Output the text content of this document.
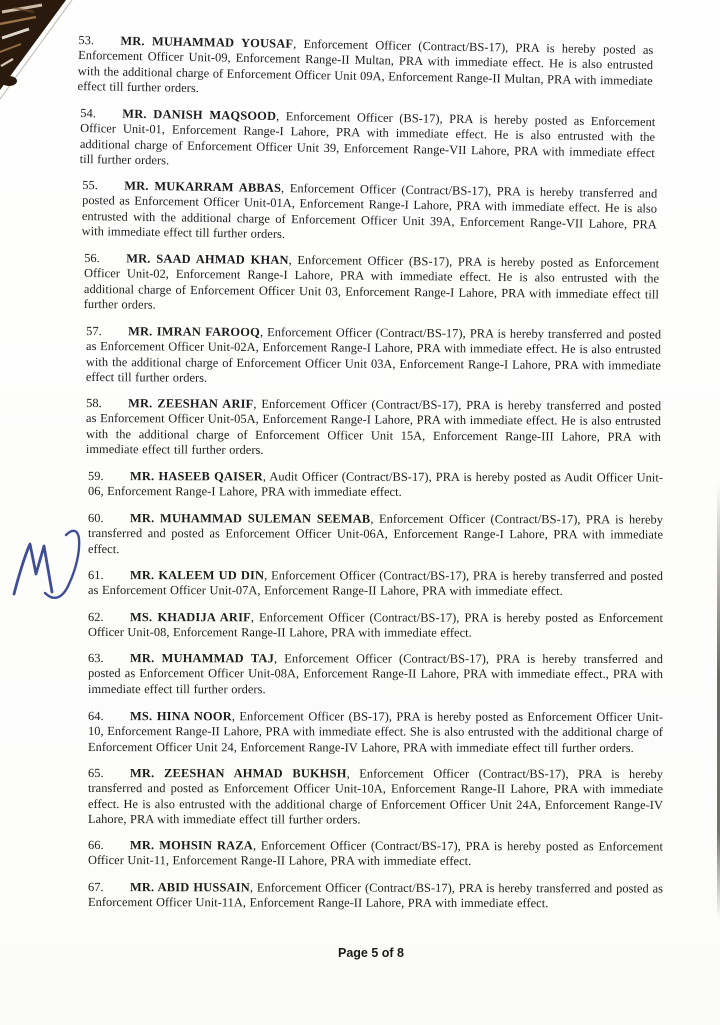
53. MR. MUHAMMAD YOUSAF, Enforcement Officer (Contract/BS-17), PRA is hereby posted as Enforcement Officer Unit-09, Enforcement Range-II Multan, PRA with immediate effect. He is also entrusted with the additional charge of Enforcement Officer Unit 09A, Enforcement Range-II Multan, PRA with immediate effect till further orders.

54. MR. DANISH MAQSOOD, Enforcement Officer (BS-17), PRA is hereby posted as Enforcement Officer Unit-01, Enforcement Range-I Lahore, PRA with immediate effect. He is also entrusted with the additional charge of Enforcement Officer Unit 39, Enforcement Range-VII Lahore, PRA with immediate effect till further orders.

55. MR. MUKARRAM ABBAS, Enforcement Officer (Contract/BS-17), PRA is hereby transferred and posted as Enforcement Officer Unit-01A, Enforcement Range-I Lahore, PRA with immediate effect. He is also entrusted with the additional charge of Enforcement Officer Unit 39A, Enforcement Range-VII Lahore, PRA with immediate effect till further orders.

56. MR. SAAD AHMAD KHAN, Enforcement Officer (BS-17), PRA is hereby posted as Enforcement Officer Unit-02, Enforcement Range-I Lahore, PRA with immediate effect. He is also entrusted with the additional charge of Enforcement Officer Unit 03, Enforcement Range-I Lahore, PRA with immediate effect till further orders.

57. MR. IMRAN FAROOQ, Enforcement Officer (Contract/BS-17), PRA is hereby transferred and posted as Enforcement Officer Unit-02A, Enforcement Range-I Lahore, PRA with immediate effect. He is also entrusted with the additional charge of Enforcement Officer Unit 03A, Enforcement Range-I Lahore, PRA with immediate effect till further orders.

58. MR. ZEESHAN ARIF, Enforcement Officer (Contract/BS-17), PRA is hereby transferred and posted as Enforcement Officer Unit-05A, Enforcement Range-I Lahore, PRA with immediate effect. He is also entrusted with the additional charge of Enforcement Officer Unit 15A, Enforcement Range-III Lahore, PRA with immediate effect till further orders.

59. MR. HASEEB QAISER, Audit Officer (Contract/BS-17), PRA is hereby posted as Audit Officer Unit-06, Enforcement Range-I Lahore, PRA with immediate effect.

60. MR. MUHAMMAD SULEMAN SEEMAB, Enforcement Officer (Contract/BS-17), PRA is hereby transferred and posted as Enforcement Officer Unit-06A, Enforcement Range-I Lahore, PRA with immediate effect.

61. MR. KALEEM UD DIN, Enforcement Officer (Contract/BS-17), PRA is hereby transferred and posted as Enforcement Officer Unit-07A, Enforcement Range-II Lahore, PRA with immediate effect.

62. MS. KHADIJA ARIF, Enforcement Officer (Contract/BS-17), PRA is hereby posted as Enforcement Officer Unit-08, Enforcement Range-II Lahore, PRA with immediate effect.

63. MR. MUHAMMAD TAJ, Enforcement Officer (Contract/BS-17), PRA is hereby transferred and posted as Enforcement Officer Unit-08A, Enforcement Range-II Lahore, PRA with immediate effect., PRA with immediate effect till further orders.

64. MS. HINA NOOR, Enforcement Officer (BS-17), PRA is hereby posted as Enforcement Officer Unit-10, Enforcement Range-II Lahore, PRA with immediate effect. She is also entrusted with the additional charge of Enforcement Officer Unit 24, Enforcement Range-IV Lahore, PRA with immediate effect till further orders.

65. MR. ZEESHAN AHMAD BUKHSH, Enforcement Officer (Contract/BS-17), PRA is hereby transferred and posted as Enforcement Officer Unit-10A, Enforcement Range-II Lahore, PRA with immediate effect. He is also entrusted with the additional charge of Enforcement Officer Unit 24A, Enforcement Range-IV Lahore, PRA with immediate effect till further orders.

66. MR. MOHSIN RAZA, Enforcement Officer (Contract/BS-17), PRA is hereby posted as Enforcement Officer Unit-11, Enforcement Range-II Lahore, PRA with immediate effect.

67. MR. ABID HUSSAIN, Enforcement Officer (Contract/BS-17), PRA is hereby transferred and posted as Enforcement Officer Unit-11A, Enforcement Range-II Lahore, PRA with immediate effect.

Page 5 of 8
